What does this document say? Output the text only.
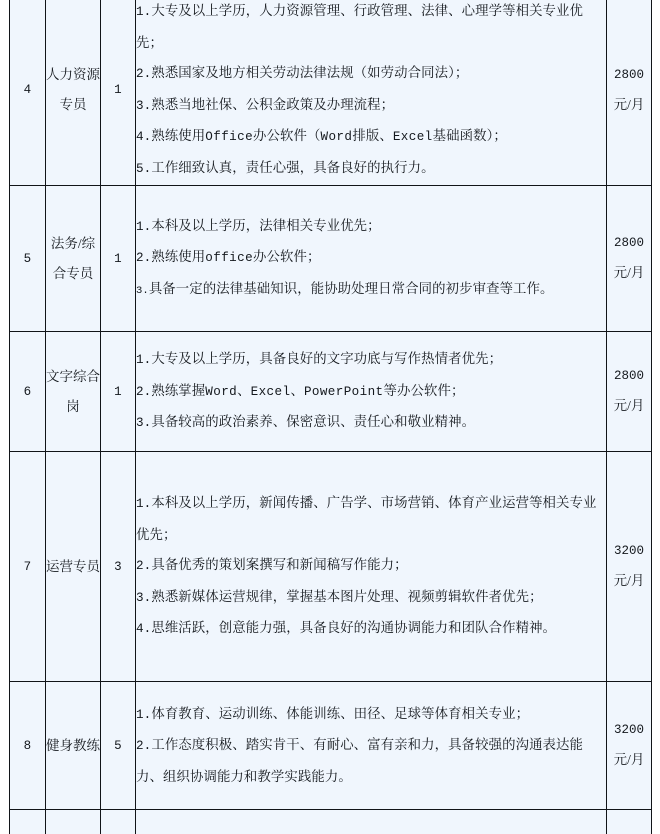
4	人力资源专员	1	1.大专及以上学历，人力资源管理、行政管理、法律、心理学等相关专业优先；
2.熟悉国家及地方相关劳动法律法规（如劳动合同法）；
3.熟悉当地社保、公积金政策及办理流程；
4.熟练使用Office办公软件（Word排版、Excel基础函数）；
5.工作细致认真，责任心强，具备良好的执行力。	2800元/月
5	法务/综合专员	1	1.本科及以上学历，法律相关专业优先；
2.熟练使用office办公软件；
3.具备一定的法律基础知识，能协助处理日常合同的初步审查等工作。	2800元/月
6	文字综合岗	1	1.大专及以上学历，具备良好的文字功底与写作热情者优先；
2.熟练掌握Word、Excel、PowerPoint等办公软件；
3.具备较高的政治素养、保密意识、责任心和敬业精神。	2800元/月
7	运营专员	3	1.本科及以上学历，新闻传播、广告学、市场营销、体育产业运营等相关专业优先；
2.具备优秀的策划案撰写和新闻稿写作能力；
3.熟悉新媒体运营规律，掌握基本图片处理、视频剪辑软件者优先；
4.思维活跃，创意能力强，具备良好的沟通协调能力和团队合作精神。	3200元/月
8	健身教练	5	1.体育教育、运动训练、体能训练、田径、足球等体育相关专业；
2.工作态度积极、踏实肯干、有耐心、富有亲和力，具备较强的沟通表达能力、组织协调能力和教学实践能力。	3200元/月
